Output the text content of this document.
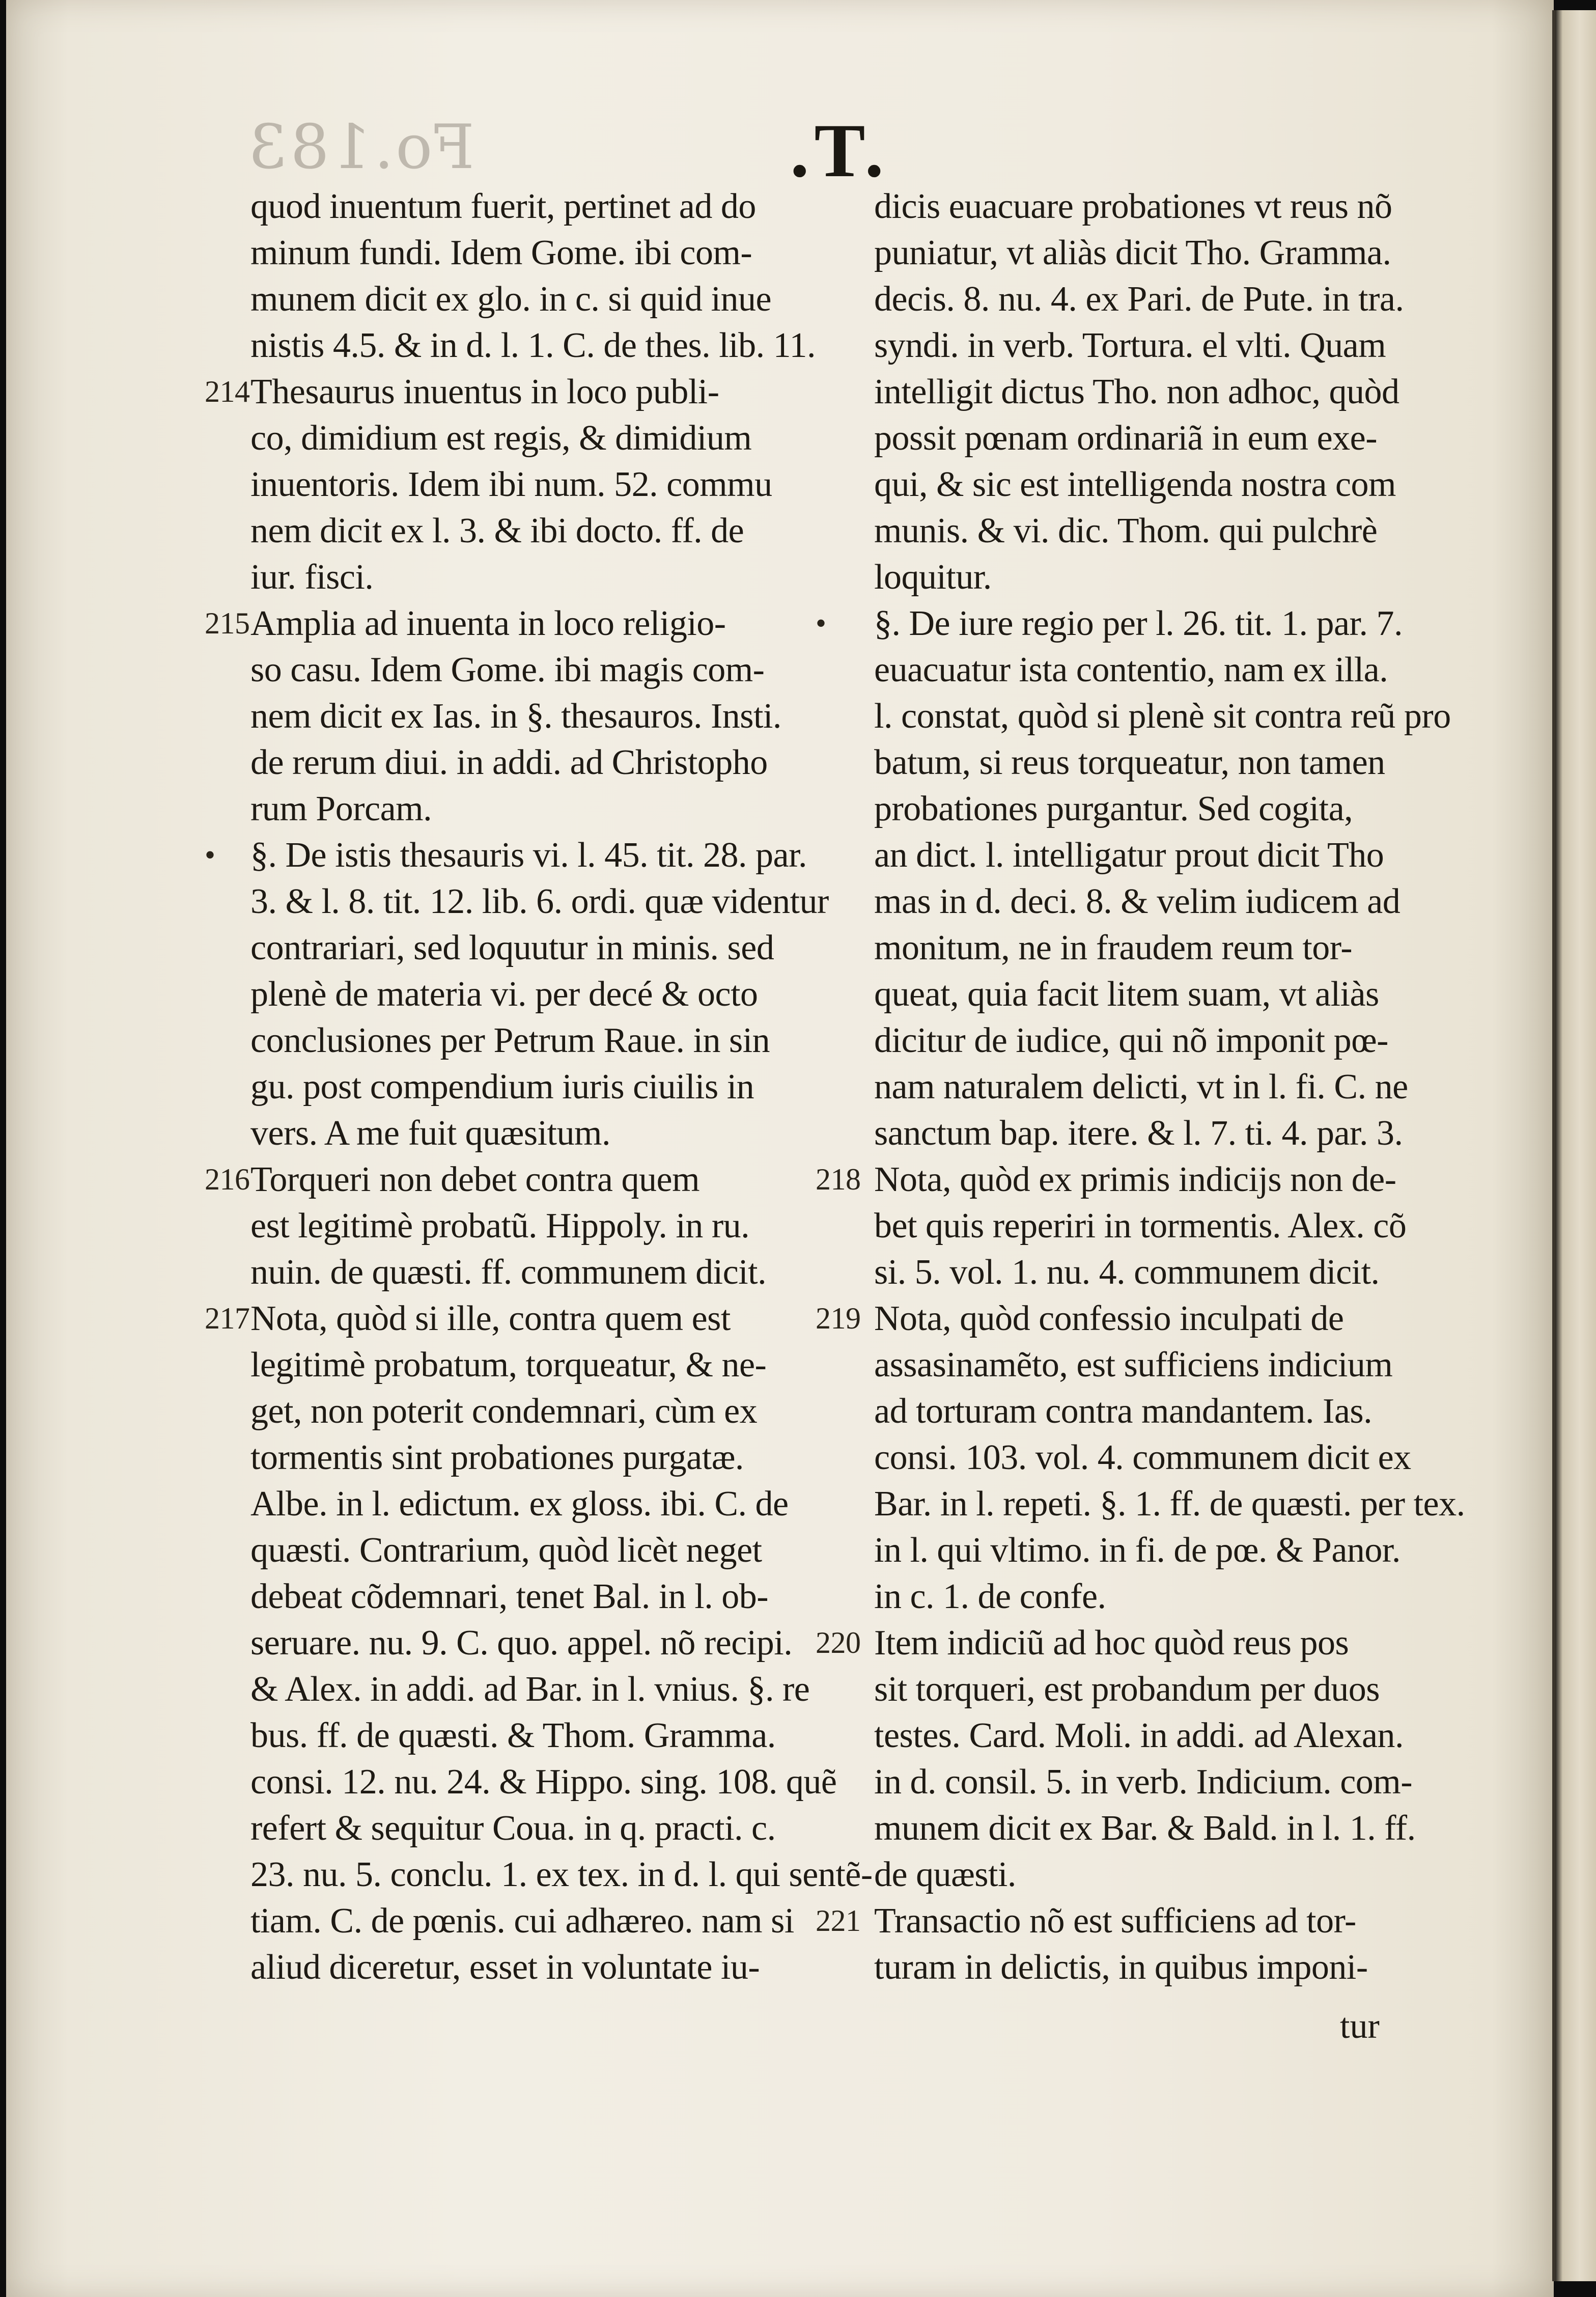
Fo.183	.T.
quod inuentum fuerit, pertinet ad do
minum fundi. Idem Gome. ibi com-
munem dicit ex glo. in c. si quid inue
nistis 4.5. & in d. l. 1. C. de thes. lib. 11.
214 Thesaurus inuentus in loco publi-
co, dimidium est regis, & dimidium
inuentoris. Idem ibi num. 52. commu
nem dicit ex l. 3. & ibi docto. ff. de
iur. fisci.
215 Amplia ad inuenta in loco religio-
so casu. Idem Gome. ibi magis com-
nem dicit ex Ias. in §. thesauros. Insti.
de rerum diui. in addi. ad Christopho
rum Porcam.
• §. De istis thesauris vi. l. 45. tit. 28. par.
3. & l. 8. tit. 12. lib. 6. ordi. quæ videntur
contrariari, sed loquutur in minis. sed
plenè de materia vi. per decé & octo
conclusiones per Petrum Raue. in sin
gu. post compendium iuris ciuilis in
vers. A me fuit quæsitum.
216 Torqueri non debet contra quem
est legitimè probatũ. Hippoly. in ru.
nuin. de quæsti. ff. communem dicit.
217 Nota, quòd si ille, contra quem est
legitimè probatum, torqueatur, & ne-
get, non poterit condemnari, cùm ex
tormentis sint probationes purgatæ.
Albe. in l. edictum. ex gloss. ibi. C. de
quæsti. Contrarium, quòd licèt neget
debeat cõdemnari, tenet Bal. in l. ob-
seruare. nu. 9. C. quo. appel. nõ recipi.
& Alex. in addi. ad Bar. in l. vnius. §. re
bus. ff. de quæsti. & Thom. Gramma.
consi. 12. nu. 24. & Hippo. sing. 108. quẽ
refert & sequitur Coua. in q. practi. c.
23. nu. 5. conclu. 1. ex tex. in d. l. qui sentẽ-
tiam. C. de pœnis. cui adhæreo. nam si
aliud diceretur, esset in voluntate iu-
dicis euacuare probationes vt reus nõ
puniatur, vt aliàs dicit Tho. Gramma.
decis. 8. nu. 4. ex Pari. de Pute. in tra.
syndi. in verb. Tortura. el vlti. Quam
intelligit dictus Tho. non adhoc, quòd
possit pœnam ordinariã in eum exe-
qui, & sic est intelligenda nostra com
munis. & vi. dic. Thom. qui pulchrè
loquitur.
• §. De iure regio per l. 26. tit. 1. par. 7.
euacuatur ista contentio, nam ex illa.
l. constat, quòd si plenè sit contra reũ pro
batum, si reus torqueatur, non tamen
probationes purgantur. Sed cogita,
an dict. l. intelligatur prout dicit Tho
mas in d. deci. 8. & velim iudicem ad
monitum, ne in fraudem reum tor-
queat, quia facit litem suam, vt aliàs
dicitur de iudice, qui nõ imponit pœ-
nam naturalem delicti, vt in l. fi. C. ne
sanctum bap. itere. & l. 7. ti. 4. par. 3.
218 Nota, quòd ex primis indicijs non de-
bet quis reperiri in tormentis. Alex. cõ
si. 5. vol. 1. nu. 4. communem dicit.
219 Nota, quòd confessio inculpati de
assasinamẽto, est sufficiens indicium
ad torturam contra mandantem. Ias.
consi. 103. vol. 4. communem dicit ex
Bar. in l. repeti. §. 1. ff. de quæsti. per tex.
in l. qui vltimo. in fi. de pœ. & Panor.
in c. 1. de confe.
220 Item indiciũ ad hoc quòd reus pos
sit torqueri, est probandum per duos
testes. Card. Moli. in addi. ad Alexan.
in d. consil. 5. in verb. Indicium. com-
munem dicit ex Bar. & Bald. in l. 1. ff.
de quæsti.
221 Transactio nõ est sufficiens ad tor-
turam in delictis, in quibus imponi-
tur
